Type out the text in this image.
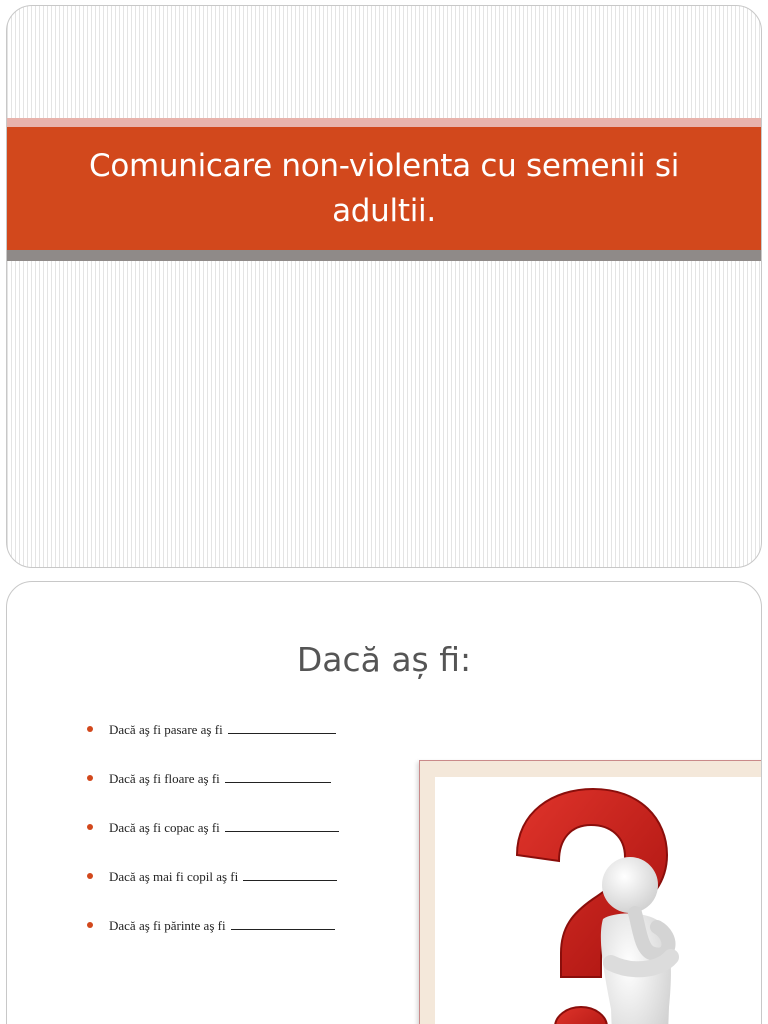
Comunicare non-violenta cu semenii si adultii.
Dacă aș fi:
Dacă aş fi pasare aş fi
Dacă aş fi floare aş fi
Dacă aş fi copac aş fi
Dacă aş mai fi copil aş fi
Dacă aş fi părinte aş fi
